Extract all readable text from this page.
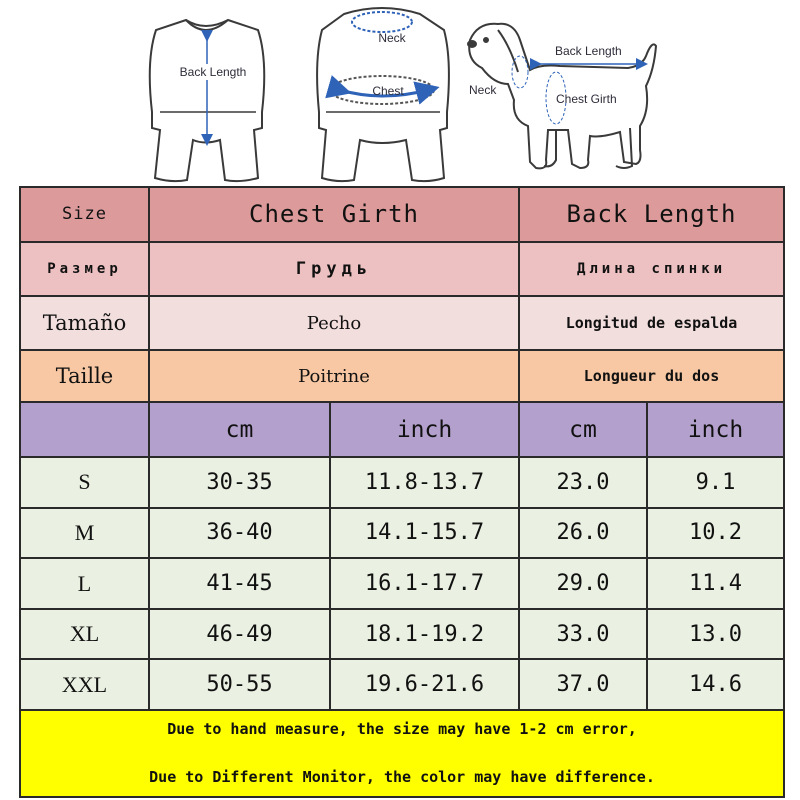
Back Length
Neck
Chest
Back Length
Neck
Chest Girth
Size	Chest Girth		Back Length	
Размер	Грудь		Длина спинки	
Tamaño	Pecho		Longitud de espalda	
Taille	Poitrine		Longueur du dos	
	cm	inch	cm	inch
S	30-35	11.8-13.7	23.0	9.1
M	36-40	14.1-15.7	26.0	10.2
L	41-45	16.1-17.7	29.0	11.4
XL	46-49	18.1-19.2	33.0	13.0
XXL	50-55	19.6-21.6	37.0	14.6

Due to hand measure, the size may have 1-2 cm error,
Due to Different Monitor, the color may have difference.				
